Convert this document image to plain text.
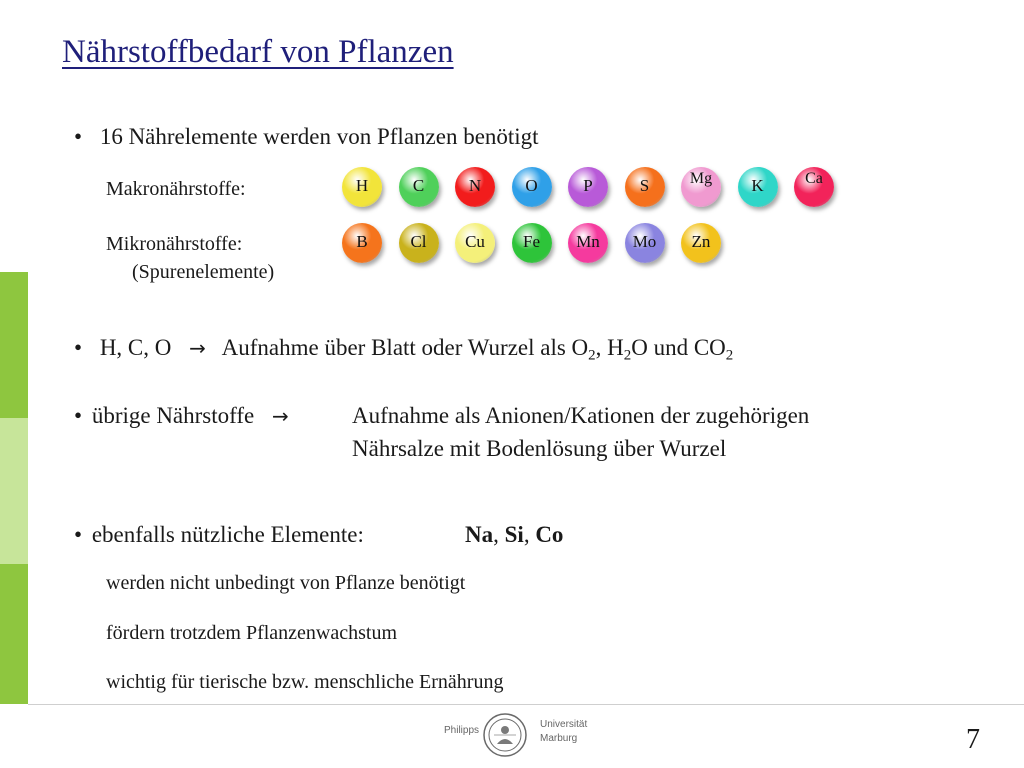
Nährstoffbedarf von Pflanzen
• 16 Nährelemente werden von Pflanzen benötigt
Makronährstoffe:	H	C	N	O	P	S	Mg	K	Ca
Mikronährstoffe:
(Spurenelemente)
B	Cl	Cu	Fe	Mn	Mo	Zn
• H, C, O → Aufnahme über Blatt oder Wurzel als $O_2$, $H_2O$ und $CO_2$
• übrige Nährstoffe →	Aufnahme als Anionen/Kationen der zugehörigen
Nährsalze mit Bodenlösung über Wurzel
• ebenfalls nützliche Elemente:	Na, Si, Co
werden nicht unbedingt von Pflanze benötigt
fördern trotzdem Pflanzenwachstum
wichtig für tierische bzw. menschliche Ernährung
Philipps
Universität
Marburg	7
